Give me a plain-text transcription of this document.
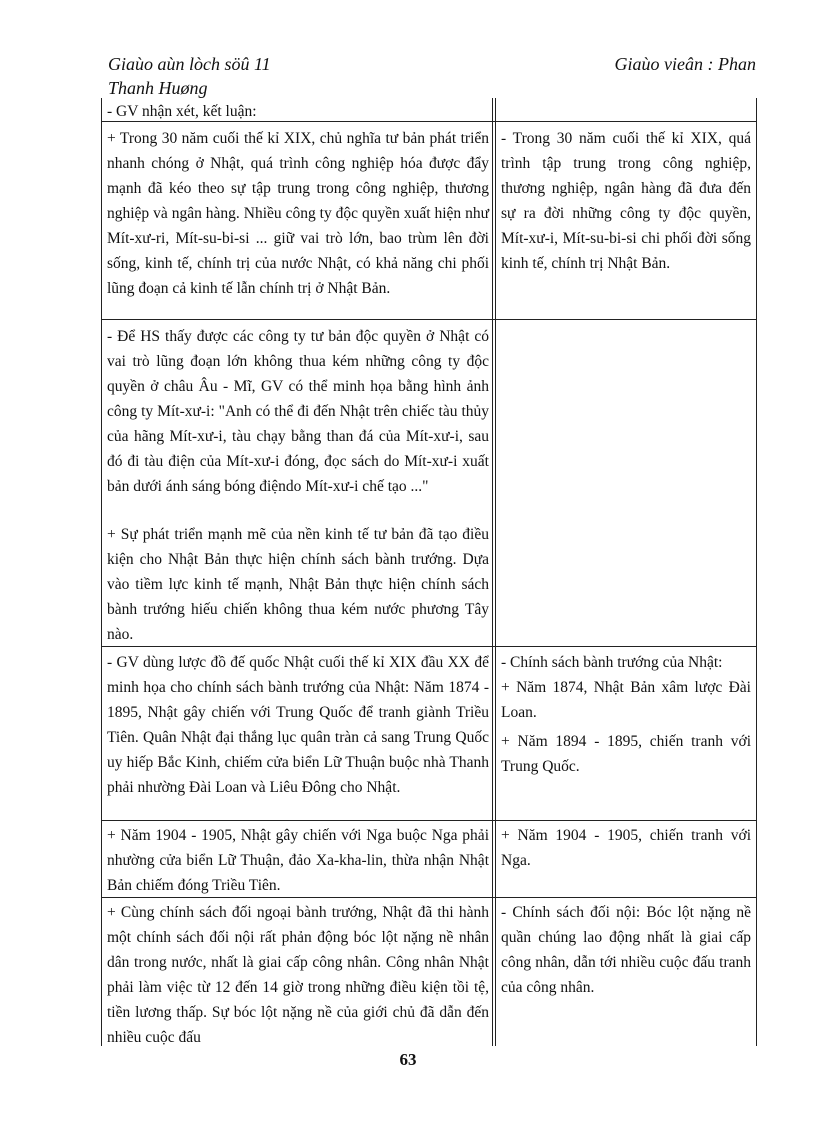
Giaùo aùn lòch söû 11
Thanh Huøng
Giaùo vieân : Phan

- GV nhận xét, kết luận:

+ Trong 30 năm cuối thế kỉ XIX, chủ nghĩa tư bản phát triển nhanh chóng ở Nhật, quá trình công nghiệp hóa được đẩy mạnh đã kéo theo sự tập trung trong công nghiệp, thương nghiệp và ngân hàng. Nhiều công ty độc quyền xuất hiện như Mít-xư-ri, Mít-su-bi-si ... giữ vai trò lớn, bao trùm lên đời sống, kinh tế, chính trị của nước Nhật, có khả năng chi phối lũng đoạn cả kinh tế lẫn chính trị ở Nhật Bản.

- Trong 30 năm cuối thế kỉ XIX, quá trình tập trung trong công nghiệp, thương nghiệp, ngân hàng đã đưa đến sự ra đời những công ty độc quyền, Mít-xư-i, Mít-su-bi-si chi phối đời sống kinh tế, chính trị Nhật Bản.

- Để HS thấy được các công ty tư bản độc quyền ở Nhật có vai trò lũng đoạn lớn không thua kém những công ty độc quyền ở châu Âu - Mĩ, GV có thể minh họa bằng hình ảnh công ty Mít-xư-i: "Anh có thể đi đến Nhật trên chiếc tàu thủy của hãng Mít-xư-i, tàu chạy bằng than đá của Mít-xư-i, sau đó đi tàu điện của Mít-xư-i đóng, đọc sách do Mít-xư-i xuất bản dưới ánh sáng bóng điệndo Mít-xư-i chế tạo ..."

+ Sự phát triển mạnh mẽ của nền kinh tế tư bản đã tạo điều kiện cho Nhật Bản thực hiện chính sách bành trướng. Dựa vào tiềm lực kinh tế mạnh, Nhật Bản thực hiện chính sách bành trướng hiếu chiến không thua kém nước phương Tây nào.

- GV dùng lược đồ đế quốc Nhật cuối thế kỉ XIX đầu XX để minh họa cho chính sách bành trướng của Nhật: Năm 1874 - 1895, Nhật gây chiến với Trung Quốc để tranh giành Triều Tiên. Quân Nhật đại thắng lục quân tràn cả sang Trung Quốc uy hiếp Bắc Kinh, chiếm cửa biển Lữ Thuận buộc nhà Thanh phải nhường Đài Loan và Liêu Đông cho Nhật.

- Chính sách bành trướng của Nhật:

+ Năm 1874, Nhật Bản xâm lược Đài Loan.

+ Năm 1894 - 1895, chiến tranh với Trung Quốc.

+ Năm 1904 - 1905, Nhật gây chiến với Nga buộc Nga phải nhường cửa biển Lữ Thuận, đảo Xa-kha-lin, thừa nhận Nhật Bản chiếm đóng Triều Tiên.

+ Năm 1904 - 1905, chiến tranh với Nga.

+ Cùng chính sách đối ngoại bành trướng, Nhật đã thi hành một chính sách đối nội rất phản động bóc lột nặng nề nhân dân trong nước, nhất là giai cấp công nhân. Công nhân Nhật phải làm việc từ 12 đến 14 giờ trong những điều kiện tồi tệ, tiền lương thấp. Sự bóc lột nặng nề của giới chủ đã dẫn đến nhiều cuộc đấu

- Chính sách đối nội: Bóc lột nặng nề quần chúng lao động nhất là giai cấp công nhân, dẫn tới nhiều cuộc đấu tranh của công nhân.

63
